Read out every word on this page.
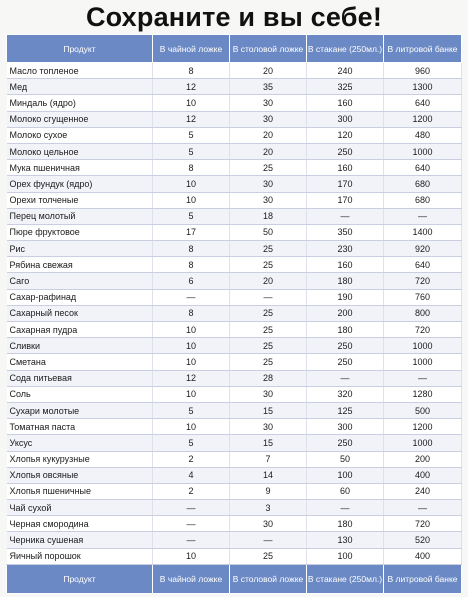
Сохраните и вы себе!
Продукт	В чайной ложке	В столовой ложке	В стакане (250мл.)	В литровой банке
Масло топленое	8	20	240	960
Мед	12	35	325	1300
Миндаль (ядро)	10	30	160	640
Молоко сгущенное	12	30	300	1200
Молоко сухое	5	20	120	480
Молоко цельное	5	20	250	1000
Мука пшеничная	8	25	160	640
Орех фундук (ядро)	10	30	170	680
Орехи толченые	10	30	170	680
Перец молотый	5	18	—	—
Пюре фруктовое	17	50	350	1400
Рис	8	25	230	920
Рябина свежая	8	25	160	640
Саго	6	20	180	720
Сахар-рафинад	—	—	190	760
Сахарный песок	8	25	200	800
Сахарная пудра	10	25	180	720
Сливки	10	25	250	1000
Сметана	10	25	250	1000
Сода питьевая	12	28	—	—
Соль	10	30	320	1280
Сухари молотые	5	15	125	500
Томатная паста	10	30	300	1200
Уксус	5	15	250	1000
Хлопья кукурузные	2	7	50	200
Хлопья овсяные	4	14	100	400
Хлопья пшеничные	2	9	60	240
Чай сухой	—	3	—	—
Черная смородина	—	30	180	720
Черника сушеная	—	—	130	520
Яичный порошок	10	25	100	400
Продукт	В чайной ложке	В столовой ложке	В стакане (250мл.)	В литровой банке
